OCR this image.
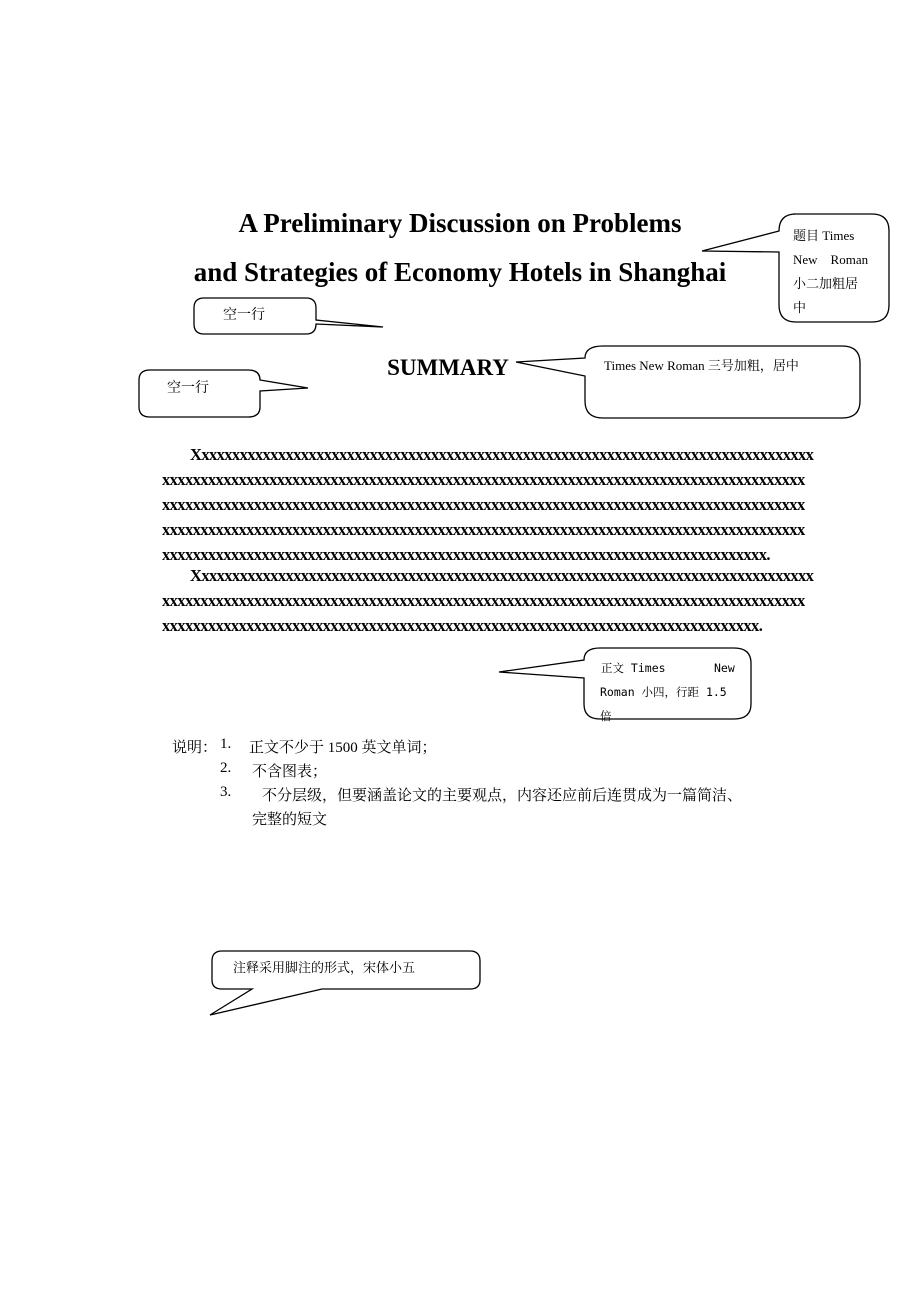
A Preliminary Discussion on Problems
and Strategies of Economy Hotels in Shanghai
SUMMARY
Xxxxxxxxxxxxxxxxxxxxxxxxxxxxxxxxxxxxxxxxxxxxxxxxxxxxxxxxxxxxxxxxxxxxxxxxxxxxxxxxx
xxxxxxxxxxxxxxxxxxxxxxxxxxxxxxxxxxxxxxxxxxxxxxxxxxxxxxxxxxxxxxxxxxxxxxxxxxxxxxxxxxxx
xxxxxxxxxxxxxxxxxxxxxxxxxxxxxxxxxxxxxxxxxxxxxxxxxxxxxxxxxxxxxxxxxxxxxxxxxxxxxxxxxxxx
xxxxxxxxxxxxxxxxxxxxxxxxxxxxxxxxxxxxxxxxxxxxxxxxxxxxxxxxxxxxxxxxxxxxxxxxxxxxxxxxxxxx
xxxxxxxxxxxxxxxxxxxxxxxxxxxxxxxxxxxxxxxxxxxxxxxxxxxxxxxxxxxxxxxxxxxxxxxxxxxxxxx.
Xxxxxxxxxxxxxxxxxxxxxxxxxxxxxxxxxxxxxxxxxxxxxxxxxxxxxxxxxxxxxxxxxxxxxxxxxxxxxxxxx
xxxxxxxxxxxxxxxxxxxxxxxxxxxxxxxxxxxxxxxxxxxxxxxxxxxxxxxxxxxxxxxxxxxxxxxxxxxxxxxxxxxx
xxxxxxxxxxxxxxxxxxxxxxxxxxxxxxxxxxxxxxxxxxxxxxxxxxxxxxxxxxxxxxxxxxxxxxxxxxxxxx.
说明： 1. 正文不少于 1500 英文单词；
2. 不含图表；
3. 不分层级，但要涵盖论文的主要观点，内容还应前后连贯成为一篇简洁、
完整的短文
题目 Times
New    Roman
小二加粗居
中
空一行
空一行
Times New Roman 三号加粗，居中
正文 Times       New
Roman 小四，行距 1.5
注释采用脚注的形式，宋体小五
